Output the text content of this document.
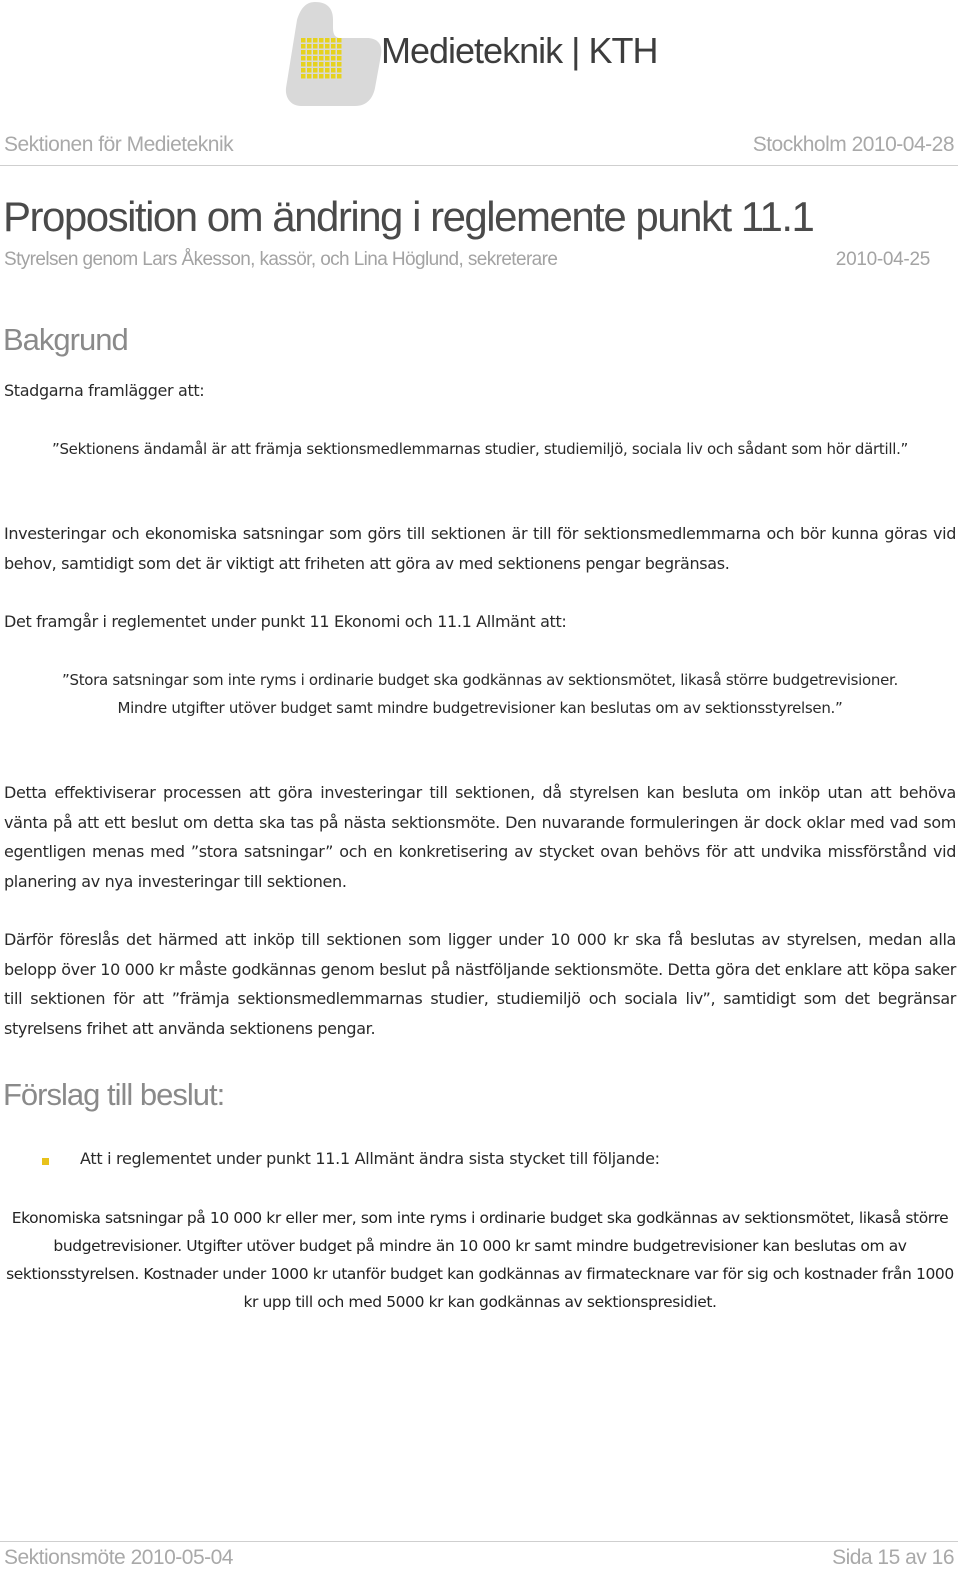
Medieteknik | KTH
Sektionen för Medieteknik	Stockholm 2010-04-28
Proposition om ändring i reglemente punkt 11.1
Styrelsen genom Lars Åkesson, kassör, och Lina Höglund, sekreterare	2010-04-25
Bakgrund
Stadgarna framlägger att:
”Sektionens ändamål är att främja sektionsmedlemmarnas studier, studiemiljö, sociala liv och sådant som hör därtill.”
Investeringar och ekonomiska satsningar som görs till sektionen är till för sektionsmedlemmarna och bör kunna göras vid behov, samtidigt som det är viktigt att friheten att göra av med sektionens pengar begränsas.
Det framgår i reglementet under punkt 11 Ekonomi och 11.1 Allmänt att:
”Stora satsningar som inte ryms i ordinarie budget ska godkännas av sektionsmötet, likaså större budgetrevisioner. Mindre utgifter utöver budget samt mindre budgetrevisioner kan beslutas om av sektionsstyrelsen.”
Detta effektiviserar processen att göra investeringar till sektionen, då styrelsen kan besluta om inköp utan att behöva vänta på att ett beslut om detta ska tas på nästa sektionsmöte. Den nuvarande formuleringen är dock oklar med vad som egentligen menas med ”stora satsningar” och en konkretisering av stycket ovan behövs för att undvika missförstånd vid planering av nya investeringar till sektionen.
Därför föreslås det härmed att inköp till sektionen som ligger under 10 000 kr ska få beslutas av styrelsen, medan alla belopp över 10 000 kr måste godkännas genom beslut på nästföljande sektionsmöte. Detta göra det enklare att köpa saker till sektionen för att ”främja sektionsmedlemmarnas studier, studiemiljö och sociala liv”, samtidigt som det begränsar styrelsens frihet att använda sektionens pengar.
Förslag till beslut:
Att i reglementet under punkt 11.1 Allmänt ändra sista stycket till följande:
Ekonomiska satsningar på 10 000 kr eller mer, som inte ryms i ordinarie budget ska godkännas av sektionsmötet, likaså större budgetrevisioner. Utgifter utöver budget på mindre än 10 000 kr samt mindre budgetrevisioner kan beslutas om av sektionsstyrelsen. Kostnader under 1000 kr utanför budget kan godkännas av firmatecknare var för sig och kostnader från 1000 kr upp till och med 5000 kr kan godkännas av sektionspresidiet.
Sektionsmöte 2010-05-04	Sida 15 av 16
